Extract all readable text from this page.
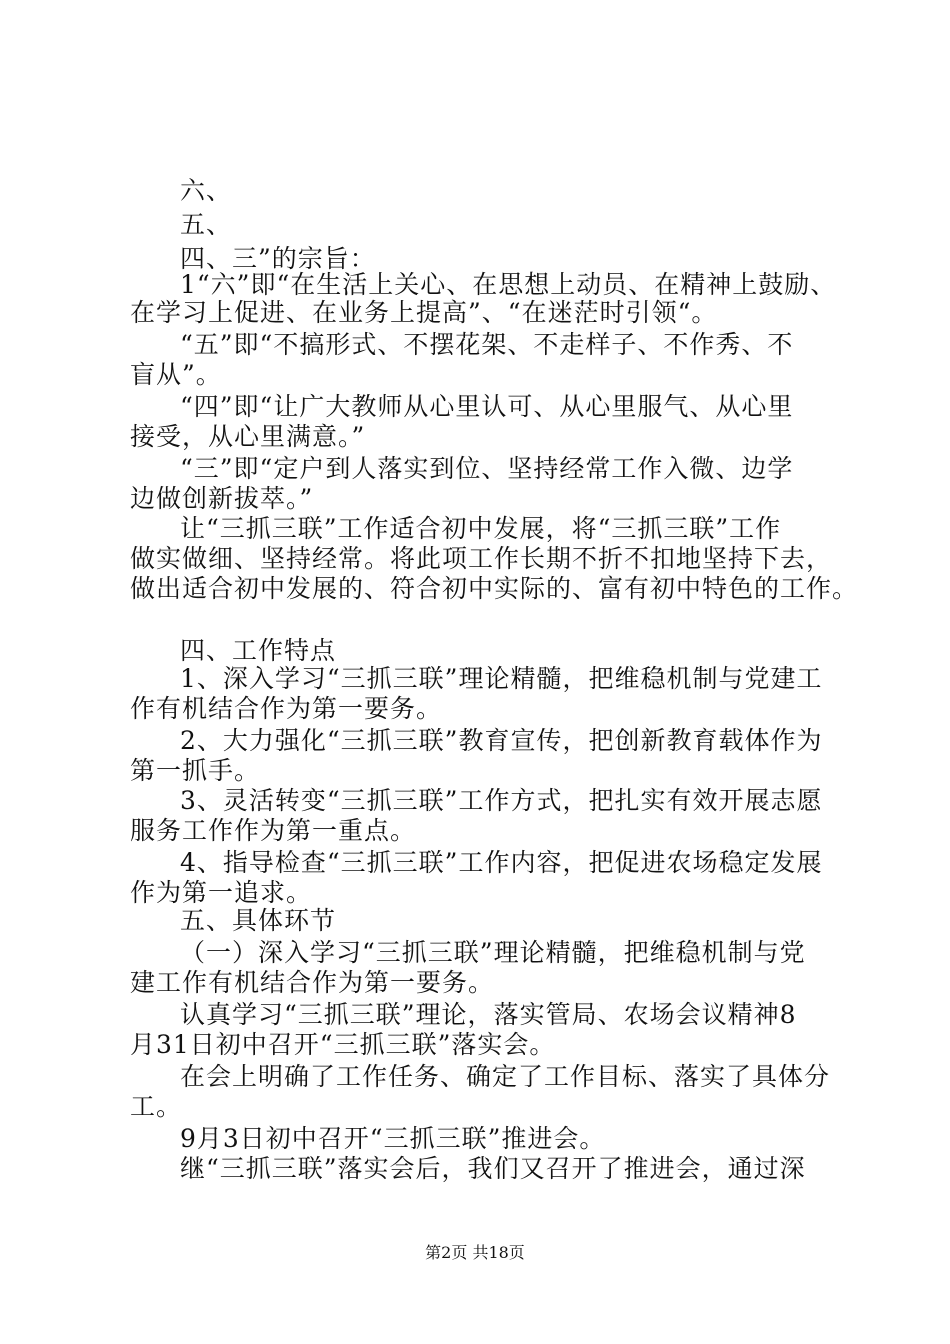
六、
五、
四、三”的宗旨：
1“六”即“在生活上关心、在思想上动员、在精神上鼓励、
在学习上促进、在业务上提高”、“在迷茫时引领“。
“五”即“不搞形式、不摆花架、不走样子、不作秀、不
盲从”。
“四”即“让广大教师从心里认可、从心里服气、从心里
接受，从心里满意。”
“三”即“定户到人落实到位、坚持经常工作入微、边学
边做创新拔萃。”
让“三抓三联”工作适合初中发展，将“三抓三联”工作
做实做细、坚持经常。将此项工作长期不折不扣地坚持下去，
做出适合初中发展的、符合初中实际的、富有初中特色的工作。
四、工作特点
1、深入学习“三抓三联”理论精髓，把维稳机制与党建工
作有机结合作为第一要务。
2、大力强化“三抓三联”教育宣传，把创新教育载体作为
第一抓手。
3、灵活转变“三抓三联”工作方式，把扎实有效开展志愿
服务工作作为第一重点。
4、指导检查“三抓三联”工作内容，把促进农场稳定发展
作为第一追求。
五、具体环节
（一）深入学习“三抓三联”理论精髓，把维稳机制与党
建工作有机结合作为第一要务。
认真学习“三抓三联”理论，落实管局、农场会议精神8
月31日初中召开“三抓三联”落实会。
在会上明确了工作任务、确定了工作目标、落实了具体分
工。
9月3日初中召开“三抓三联”推进会。
继“三抓三联”落实会后，我们又召开了推进会，通过深
第2页 共18页
